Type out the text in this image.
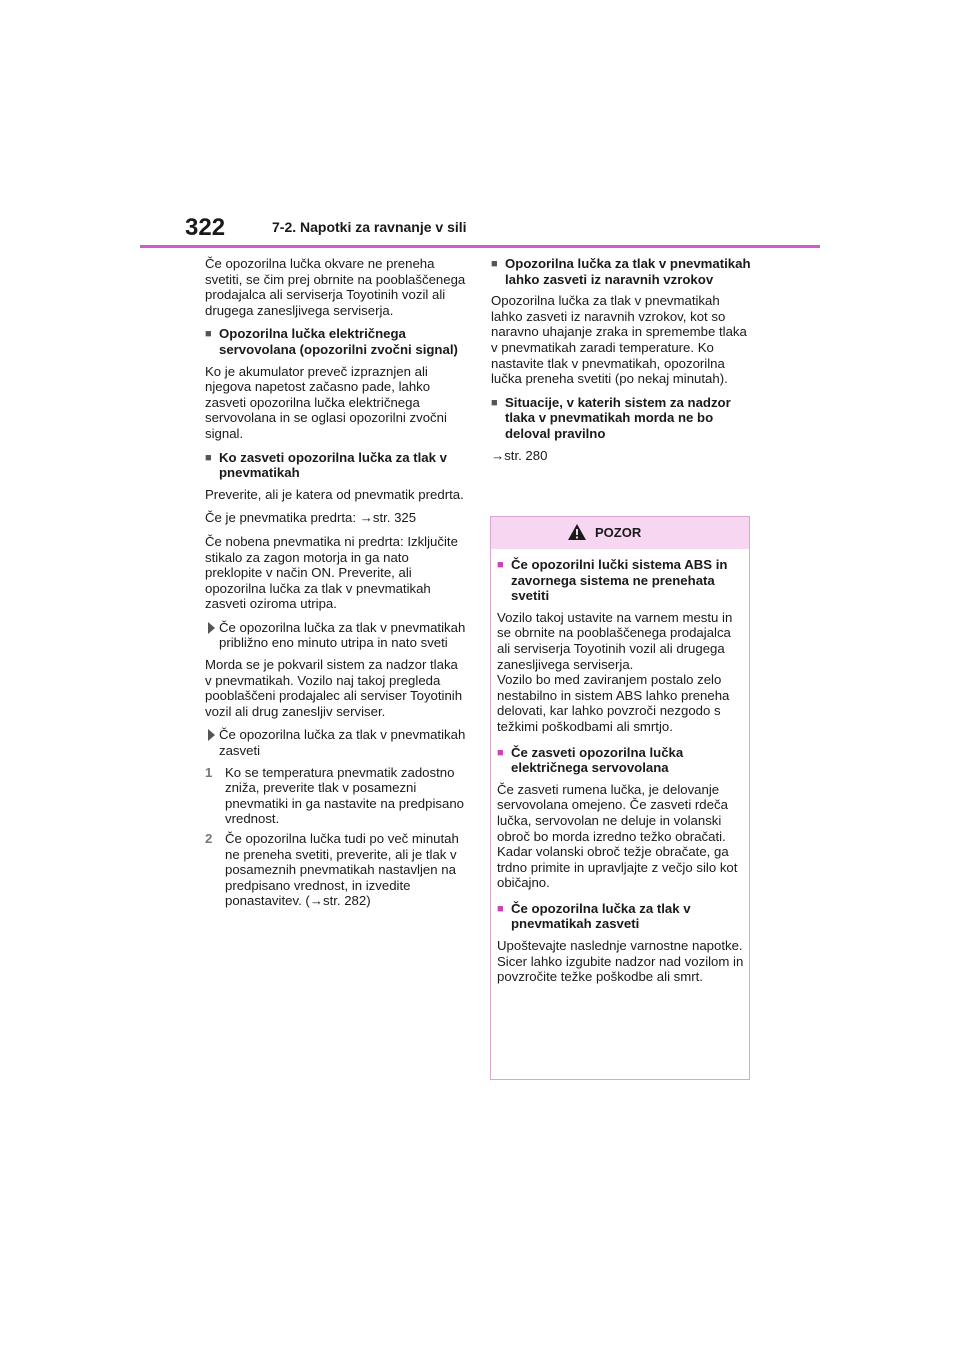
322	7-2. Napotki za ravnanje v sili

Če opozorilna lučka okvare ne preneha svetiti, se čim prej obrnite na pooblaščenega prodajalca ali serviserja Toyotinih vozil ali drugega zanesljivega serviserja.

■ Opozorilna lučka električnega servovolana (opozorilni zvočni signal)

Ko je akumulator preveč izpraznjen ali njegova napetost začasno pade, lahko zasveti opozorilna lučka električnega servovolana in se oglasi opozorilni zvočni signal.

■ Ko zasveti opozorilna lučka za tlak v pnevmatikah

Preverite, ali je katera od pnevmatik predrta.

Če je pnevmatika predrta: →str. 325

Če nobena pnevmatika ni predrta: Izključite stikalo za zagon motorja in ga nato preklopite v način ON. Preverite, ali opozorilna lučka za tlak v pnevmatikah zasveti oziroma utripa.

Če opozorilna lučka za tlak v pnevmatikah približno eno minuto utripa in nato sveti

Morda se je pokvaril sistem za nadzor tlaka v pnevmatikah. Vozilo naj takoj pregleda pooblaščeni prodajalec ali serviser Toyotinih vozil ali drug zanesljiv serviser.

Če opozorilna lučka za tlak v pnevmatikah zasveti
1 Ko se temperatura pnevmatik zadostno zniža, preverite tlak v posamezni pnevmatiki in ga nastavite na predpisano vrednost.
2 Če opozorilna lučka tudi po več minutah ne preneha svetiti, preverite, ali je tlak v posameznih pnevmatikah nastavljen na predpisano vrednost, in izvedite ponastavitev. (→str. 282)
■ Opozorilna lučka za tlak v pnevmatikah lahko zasveti iz naravnih vzrokov

Opozorilna lučka za tlak v pnevmatikah lahko zasveti iz naravnih vzrokov, kot so naravno uhajanje zraka in spremembe tlaka v pnevmatikah zaradi temperature. Ko nastavite tlak v pnevmatikah, opozorilna lučka preneha svetiti (po nekaj minutah).

■ Situacije, v katerih sistem za nadzor tlaka v pnevmatikah morda ne bo deloval pravilno

→str. 280

POZOR
■ Če opozorilni lučki sistema ABS in zavornega sistema ne prenehata svetiti

Vozilo takoj ustavite na varnem mestu in se obrnite na pooblaščenega prodajalca ali serviserja Toyotinih vozil ali drugega zanesljivega serviserja.
Vozilo bo med zaviranjem postalo zelo nestabilno in sistem ABS lahko preneha delovati, kar lahko povzroči nezgodo s težkimi poškodbami ali smrtjo.

■ Če zasveti opozorilna lučka električnega servovolana

Če zasveti rumena lučka, je delovanje servovolana omejeno. Če zasveti rdeča lučka, servovolan ne deluje in volanski obroč bo morda izredno težko obračati.
Kadar volanski obroč težje obračate, ga trdno primite in upravljajte z večjo silo kot običajno.

■ Če opozorilna lučka za tlak v pnevmatikah zasveti

Upoštevajte naslednje varnostne napotke.
Sicer lahko izgubite nadzor nad vozilom in povzročite težke poškodbe ali smrt.
